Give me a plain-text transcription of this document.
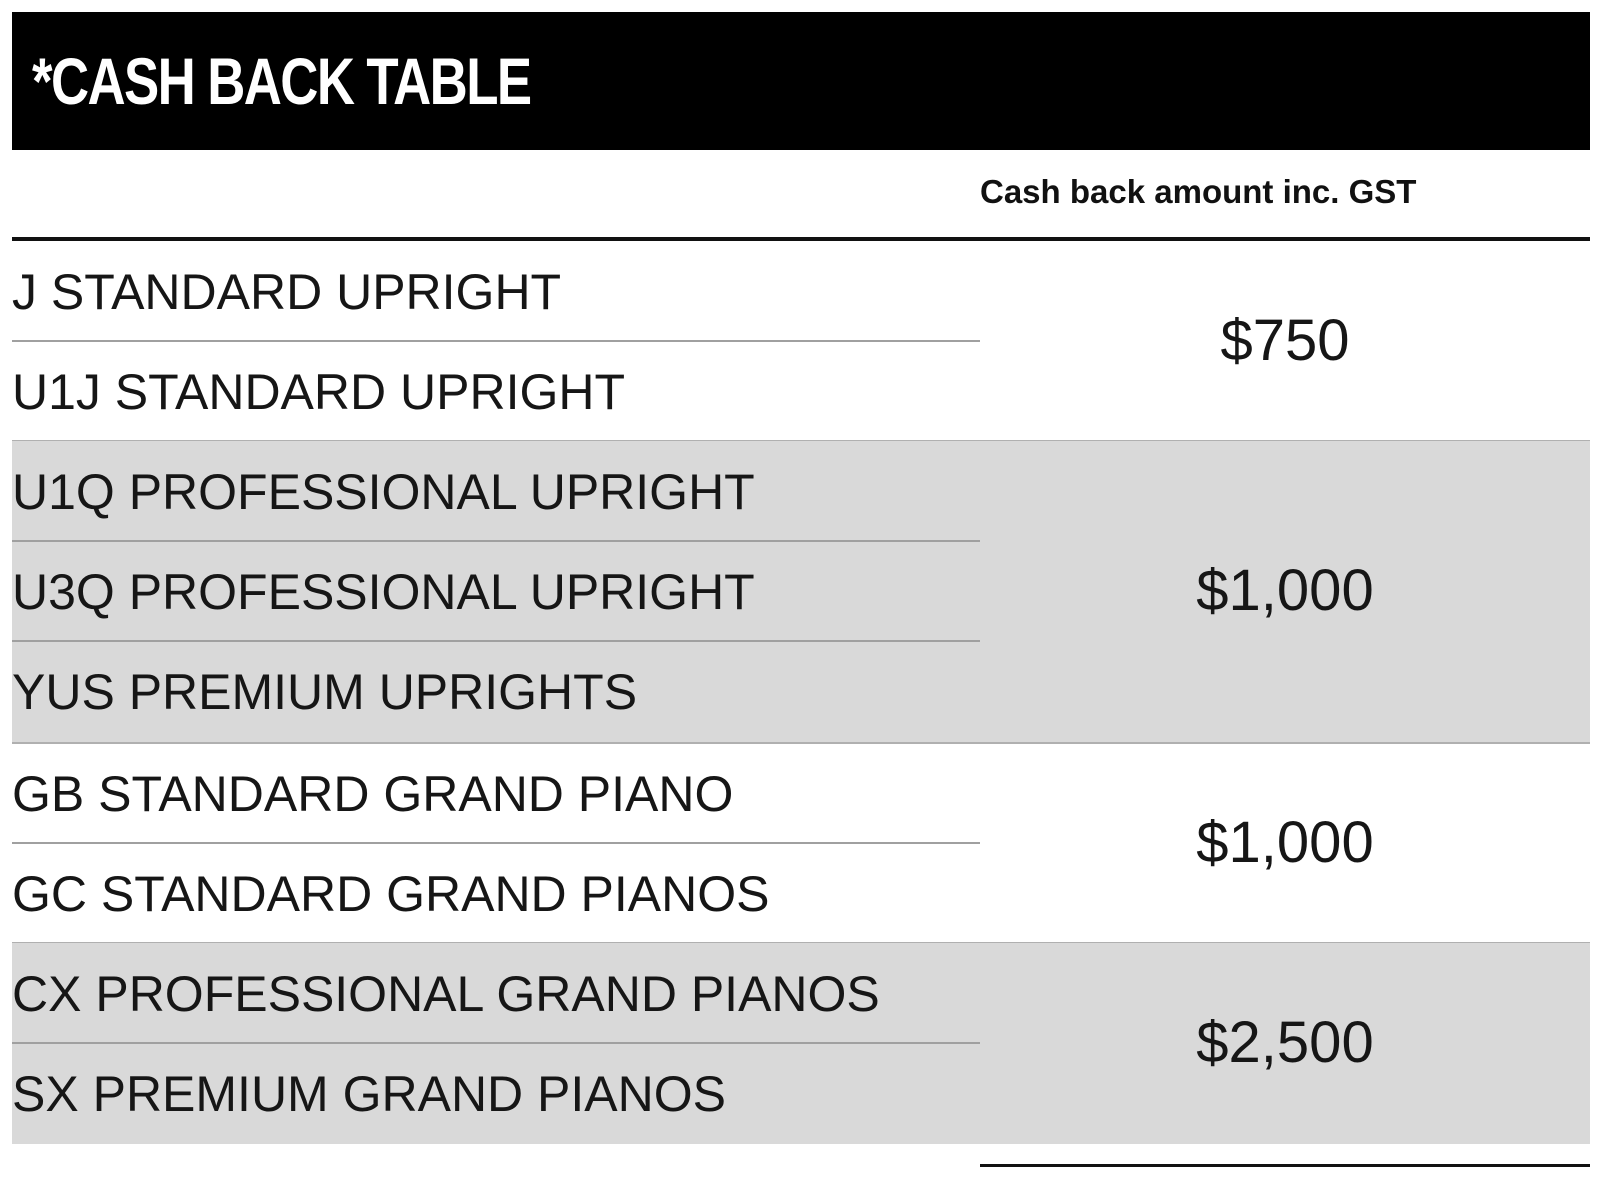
*CASH BACK TABLE
Cash back amount inc. GST
J STANDARD UPRIGHT
U1J STANDARD UPRIGHT
$750
U1Q PROFESSIONAL UPRIGHT
U3Q PROFESSIONAL UPRIGHT
YUS PREMIUM UPRIGHTS
$1,000
GB STANDARD GRAND PIANO
GC STANDARD GRAND PIANOS
$1,000
CX PROFESSIONAL GRAND PIANOS
SX PREMIUM GRAND PIANOS
$2,500
